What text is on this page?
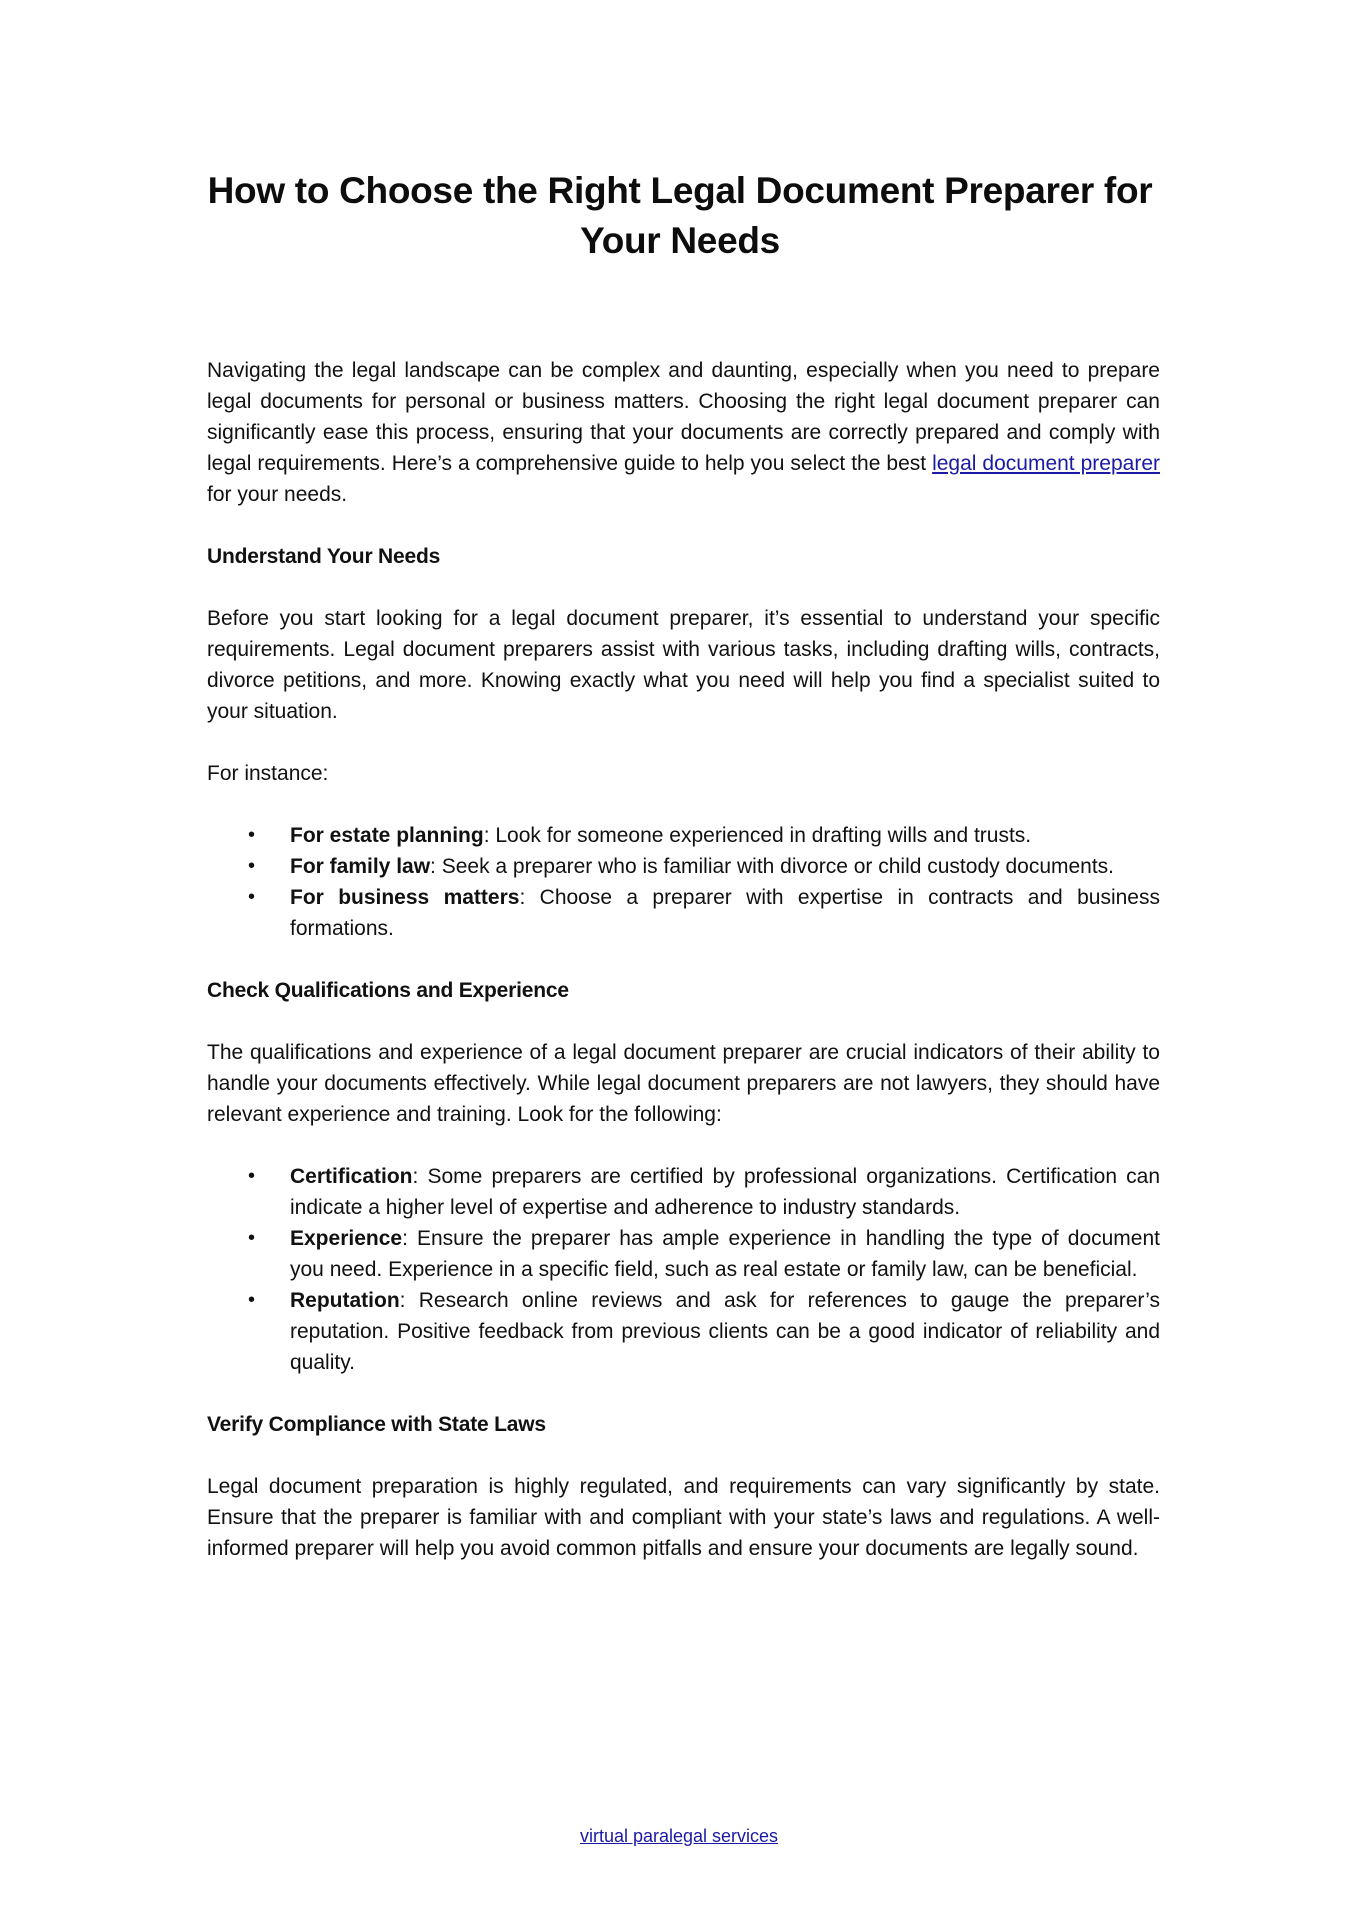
How to Choose the Right Legal Document Preparer for Your Needs

Navigating the legal landscape can be complex and daunting, especially when you need to prepare legal documents for personal or business matters. Choosing the right legal document preparer can significantly ease this process, ensuring that your documents are correctly prepared and comply with legal requirements. Here’s a comprehensive guide to help you select the best legal document preparer for your needs.

Understand Your Needs

Before you start looking for a legal document preparer, it’s essential to understand your specific requirements. Legal document preparers assist with various tasks, including drafting wills, contracts, divorce petitions, and more. Knowing exactly what you need will help you find a specialist suited to your situation.

For instance:

• For estate planning: Look for someone experienced in drafting wills and trusts.
• For family law: Seek a preparer who is familiar with divorce or child custody documents.
• For business matters: Choose a preparer with expertise in contracts and business formations.
Check Qualifications and Experience

The qualifications and experience of a legal document preparer are crucial indicators of their ability to handle your documents effectively. While legal document preparers are not lawyers, they should have relevant experience and training. Look for the following:

• Certification: Some preparers are certified by professional organizations. Certification can indicate a higher level of expertise and adherence to industry standards.
• Experience: Ensure the preparer has ample experience in handling the type of document you need. Experience in a specific field, such as real estate or family law, can be beneficial.
• Reputation: Research online reviews and ask for references to gauge the preparer’s reputation. Positive feedback from previous clients can be a good indicator of reliability and quality.
Verify Compliance with State Laws

Legal document preparation is highly regulated, and requirements can vary significantly by state. Ensure that the preparer is familiar with and compliant with your state’s laws and regulations. A well-informed preparer will help you avoid common pitfalls and ensure your documents are legally sound.

virtual paralegal services
